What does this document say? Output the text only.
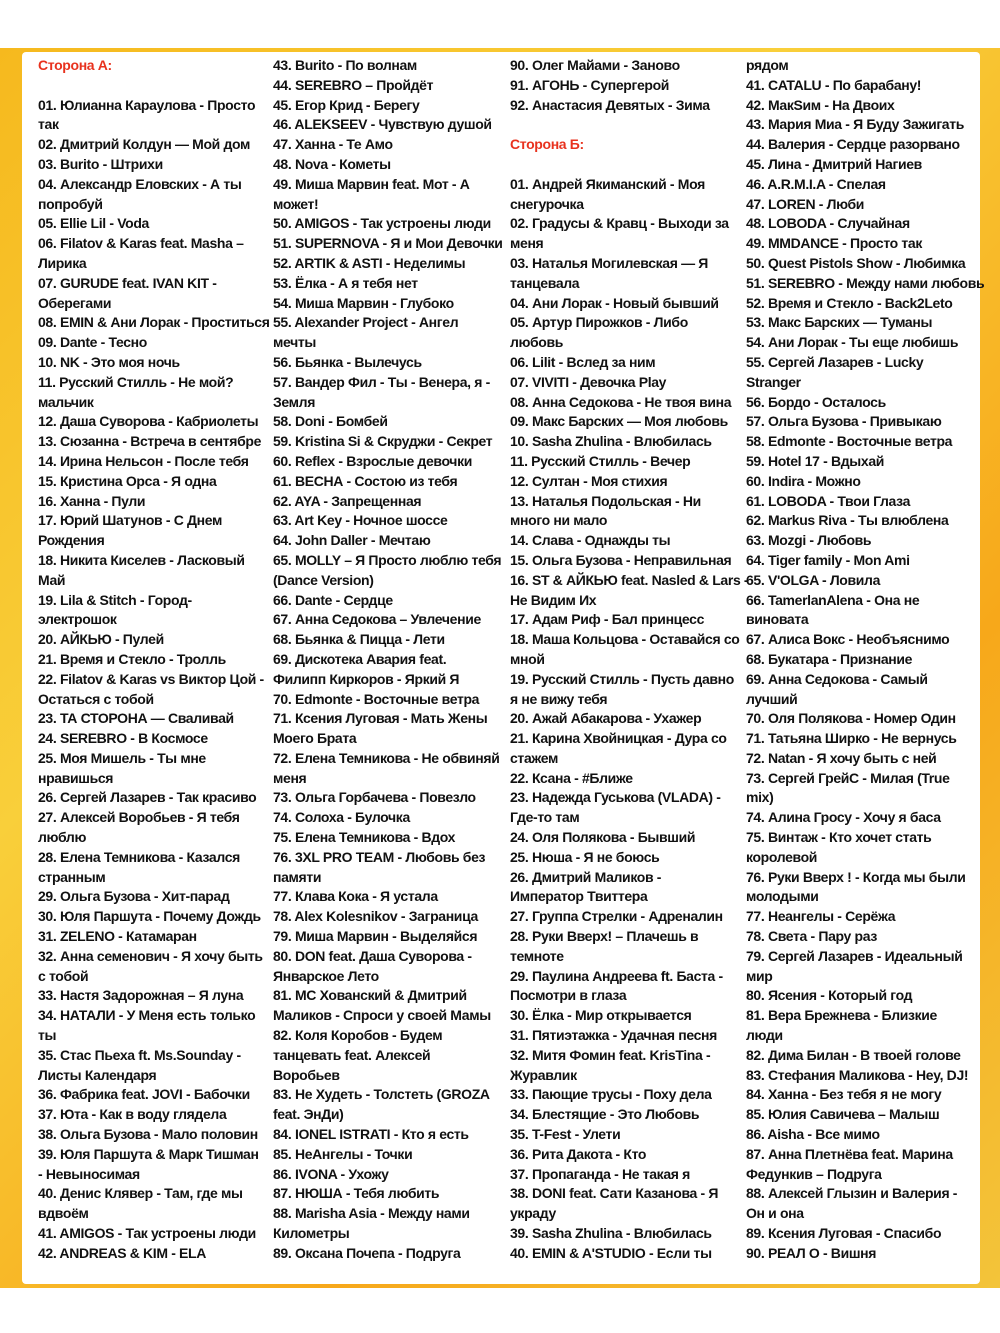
Сторона А:
01. Юлианна Караулова - Просто
так
02. Дмитрий Колдун — Мой дом
03. Burito - Штрихи
04. Александр Еловских - А ты
попробуй
05. Ellie Lil - Voda
06. Filatov & Karas feat. Masha –
Лирика
07. GURUDE feat. IVAN KIT -
Оберегами
08. EMIN & Ани Лорак - Проститься
09. Dante - Тесно
10. NK - Это моя ночь
11. Русский Стилль - Не мой?
мальчик
12. Даша Суворова - Кабриолеты
13. Сюзанна - Встреча в сентябре
14. Ирина Нельсон - После тебя
15. Кристина Орса - Я одна
16. Ханна - Пули
17. Юрий Шатунов - С Днем
Рождения
18. Никита Киселев - Ласковый
Май
19. Lila & Stitch - Город-
электрошок
20. АЙКЬЮ - Пулей
21. Время и Стекло - Тролль
22. Filatov & Karas vs Виктор Цой -
Остаться с тобой
23. ТА СТОРОНА — Сваливай
24. SEREBRO - В Космосе
25. Моя Мишель - Ты мне
нравишься
26. Сергей Лазарев - Так красиво
27. Алексей Воробьев - Я тебя
люблю
28. Елена Темникова - Казался
странным
29. Ольга Бузова - Хит-парад
30. Юля Паршута - Почему Дождь
31. ZELENO - Катамаран
32. Анна семенович - Я хочу быть
с тобой
33. Настя Задорожная – Я луна
34. НАТАЛИ - У Меня есть только
ты
35. Стас Пьеха ft. Ms.Sounday -
Листы Календаря
36. Фабрика feat. JOVI - Бабочки
37. Юта - Как в воду глядела
38. Ольга Бузова - Мало половин
39. Юля Паршута & Марк Тишман
- Невыносимая
40. Денис Клявер - Там, где мы
вдвоём
41. AMIGOS - Так устроены люди
42. ANDREAS & KIM - ELA
43. Burito - По волнам
44. SEREBRO – Пройдёт
45. Егор Крид - Берегу
46. ALEKSEEV - Чувствую душой
47. Ханна - Те Амо
48. Nova - Кометы
49. Миша Марвин feat. Мот - А
может!
50. AMIGOS - Так устроены люди
51. SUPERNOVA - Я и Мои Девочки
52. ARTIK & ASTI - Неделимы
53. Ёлка - А я тебя нет
54. Миша Марвин - Глубоко
55. Alexander Project - Ангел
мечты
56. Бьянка - Вылечусь
57. Вандер Фил - Ты - Венера, я -
Земля
58. Doni - Бомбей
59. Kristina Si & Скруджи - Секрет
60. Reflex - Взрослые девочки
61. ВЕСНА - Состою из тебя
62. AYA - Запрещенная
63. Art Key - Ночное шоссе
64. John Daller - Мечтаю
65. MOLLY – Я Просто люблю тебя
(Dance Version)
66. Dante - Сердце
67. Анна Седокова – Увлечение
68. Бьянка & Пицца - Лети
69. Дискотека Авария feat.
Филипп Киркоров - Яркий Я
70. Edmonte - Восточные ветра
71. Ксения Луговая - Мать Жены
Моего Брата
72. Елена Темникова - Не обвиняй
меня
73. Ольга Горбачева - Повезло
74. Солоха - Булочка
75. Елена Темникова - Вдох
76. 3XL PRO TEAM - Любовь без
памяти
77. Клава Кока - Я устала
78. Alex Kolesnikov - Заграница
79. Миша Марвин - Выделяйся
80. DON feat. Даша Суворова -
Январское Лето
81. MC Хованский & Дмитрий
Маликов - Спроси у своей Мамы
82. Коля Коробов - Будем
танцевать feat. Алексей
Воробьев
83. Не Худеть - Толстеть (GROZA
feat. ЭнДи)
84. IONEL ISTRATI - Кто я есть
85. НеАнгелы - Точки
86. IVONA - Ухожу
87. НЮША - Тебя любить
88. Marisha Asia - Между нами
Километры
89. Оксана Почепа - Подруга
90. Олег Майами - Заново
91. АГОНЬ - Супергерой
92. Анастасия Девятых - Зима
Сторона Б:
01. Андрей Якиманский - Моя
снегурочка
02. Градусы & Кравц - Выходи за
меня
03. Наталья Могилевская — Я
танцевала
04. Ани Лорак - Новый бывший
05. Артур Пирожков - Либо
любовь
06. Lilit - Вслед за ним
07. VIVITI - Девочка Play
08. Анна Седокова - Не твоя вина
09. Макс Барских — Моя любовь
10. Sasha Zhulina - Влюбилась
11. Русский Стилль - Вечер
12. Султан - Моя стихия
13. Наталья Подольская - Ни
много ни мало
14. Слава - Однажды ты
15. Ольга Бузова - Неправильная
16. ST & АЙКЬЮ feat. Nasled & Lars -
Не Видим Их
17. Адам Риф - Бал принцесс
18. Маша Кольцова - Оставайся со
мной
19. Русский Стилль - Пусть давно
я не вижу тебя
20. Ажай Абакарова - Ухажер
21. Карина Хвойницкая - Дура со
стажем
22. Ксана - #Ближе
23. Надежда Гуськова (VLADA) -
Где-то там
24. Оля Полякова - Бывший
25. Нюша - Я не боюсь
26. Дмитрий Маликов -
Император Твиттера
27. Группа Стрелки - Адреналин
28. Руки Вверх! – Плачешь в
темноте
29. Паулина Андреева ft. Баста -
Посмотри в глаза
30. Ёлка - Мир открывается
31. Пятиэтажка - Удачная песня
32. Митя Фомин feat. KrisTina -
Журавлик
33. Пающие трусы - Поху дела
34. Блестящие - Это Любовь
35. T-Fest - Улети
36. Рита Дакота - Кто
37. Пропаганда - Не такая я
38. DONI feat. Сати Казанова - Я
украду
39. Sasha Zhulina - Влюбилась
40. EMIN & A'STUDIO - Если ты
рядом
41. CATALU - По барабану!
42. МакSим - На Двоих
43. Мария Миа - Я Буду Зажигать
44. Валерия - Сердце разорвано
45. Лина - Дмитрий Нагиев
46. A.R.M.I.A - Спелая
47. LOREN - Люби
48. LOBODA - Случайная
49. MMDANCE - Просто так
50. Quest Pistols Show - Любимка
51. SEREBRO - Между нами любовь
52. Время и Стекло - Back2Leto
53. Макс Барских — Туманы
54. Ани Лорак - Ты еще любишь
55. Сергей Лазарев - Lucky
Stranger
56. Бордо - Осталось
57. Ольга Бузова - Привыкаю
58. Edmonte - Восточные ветра
59. Hotel 17 - Вдыхай
60. Indira - Можно
61. LOBODA - Твои Глаза
62. Markus Riva - Ты влюблена
63. Mozgi - Любовь
64. Tiger family - Mon Ami
65. V'OLGA - Ловила
66. TamerlanAlena - Она не
виновата
67. Алиса Вокс - Необъяснимо
68. Букатара - Признание
69. Анна Седокова - Самый
лучший
70. Оля Полякова - Номер Один
71. Татьяна Ширко - Не вернусь
72. Natan - Я хочу быть с ней
73. Сергей ГрейС - Милая (True
mix)
74. Алина Гросу - Хочу я баса
75. Винтаж - Кто хочет стать
королевой
76. Руки Вверх ! - Когда мы были
молодыми
77. Неангелы - Серёжа
78. Света - Пару раз
79. Сергей Лазарев - Идеальный
мир
80. Ясения - Который год
81. Вера Брежнева - Близкие
люди
82. Дима Билан - В твоей голове
83. Стефания Маликова - Hey, DJ!
84. Ханна - Без тебя я не могу
85. Юлия Савичева – Малыш
86. Aisha - Все мимо
87. Анна Плетнёва feat. Марина
Федункив – Подруга
88. Алексей Глызин и Валерия -
Он и она
89. Ксения Луговая - Спасибо
90. РЕАЛ О - Вишня
